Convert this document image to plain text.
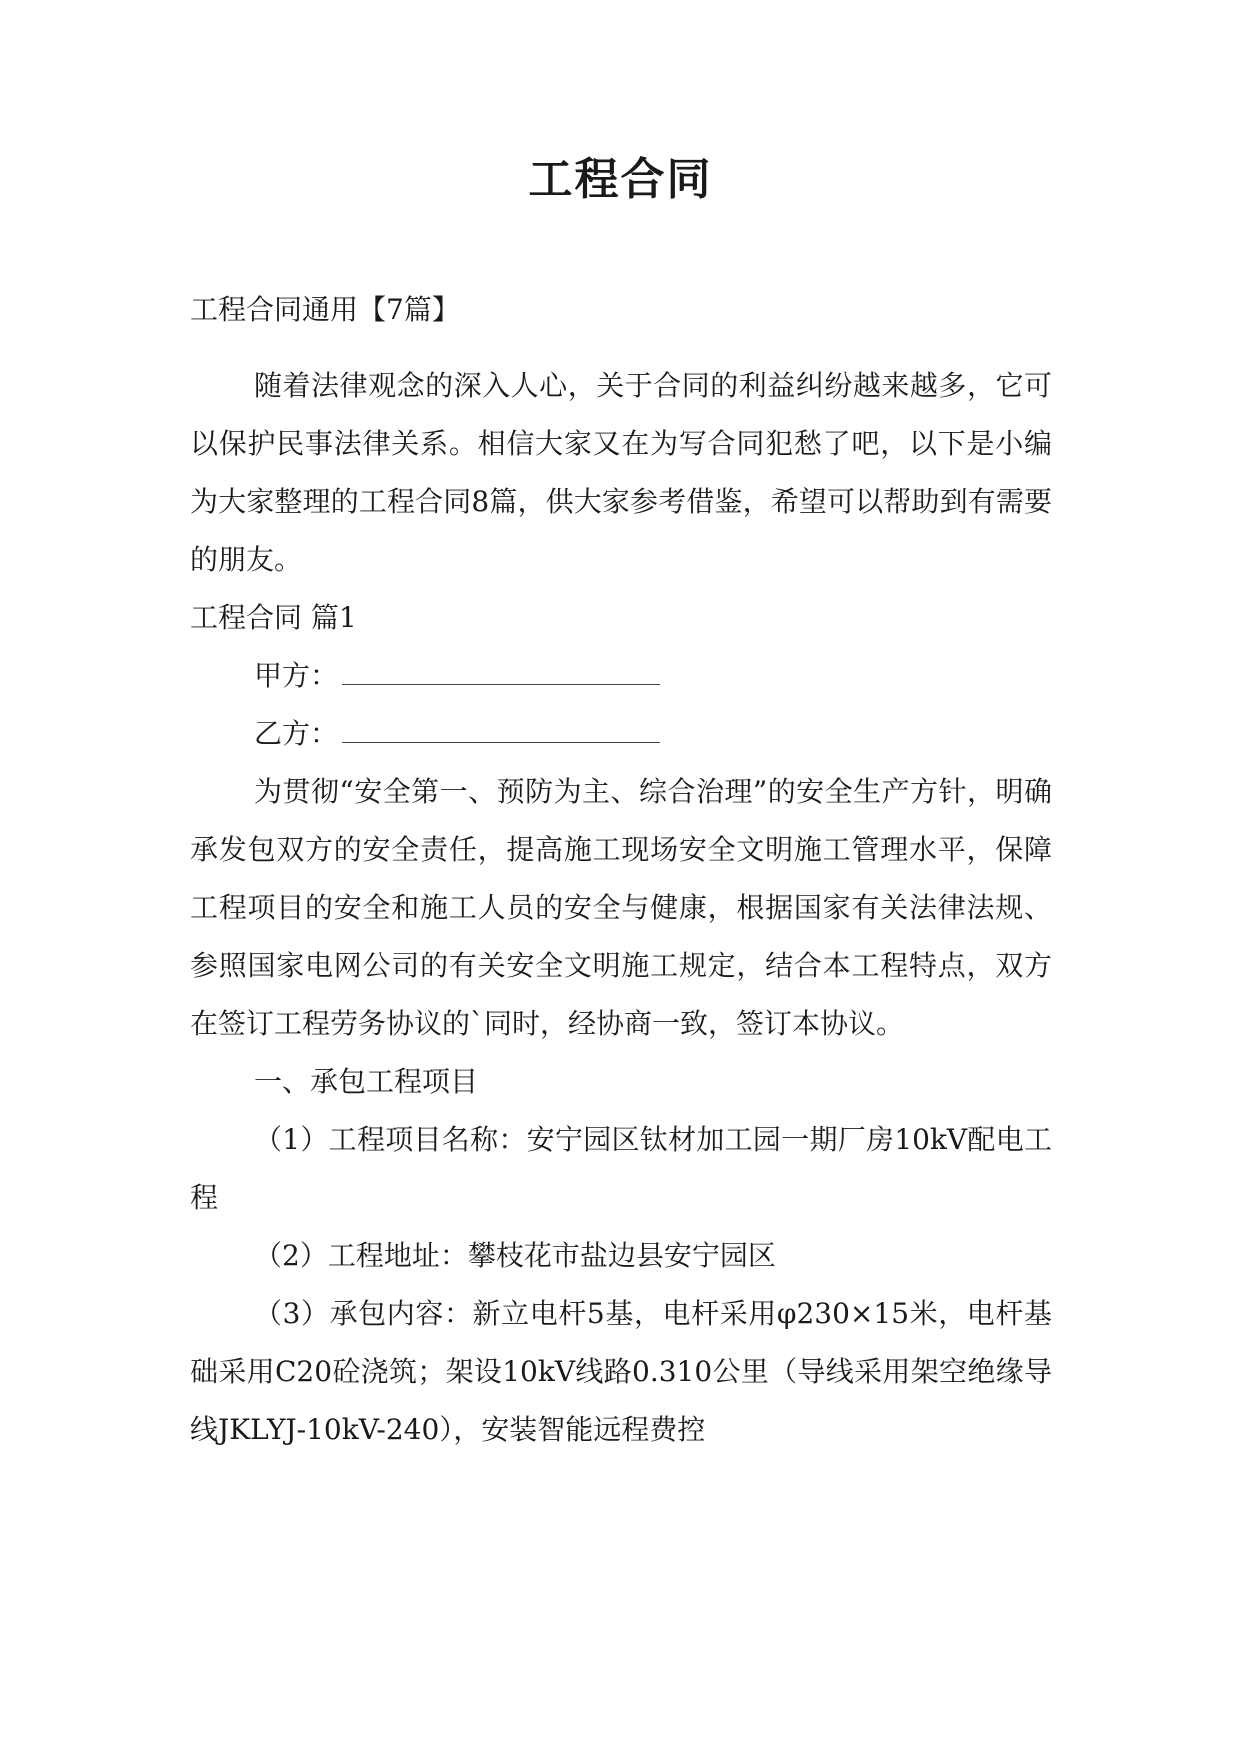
工程合同
工程合同通用【7篇】

随着法律观念的深入人心，关于合同的利益纠纷越来越多，它可以保护民事法律关系。相信大家又在为写合同犯愁了吧，以下是小编为大家整理的工程合同8篇，供大家参考借鉴，希望可以帮助到有需要的朋友。

工程合同 篇1

甲方：

乙方：

为贯彻“安全第一、预防为主、综合治理”的安全生产方针，明确承发包双方的安全责任，提高施工现场安全文明施工管理水平，保障工程项目的安全和施工人员的安全与健康，根据国家有关法律法规、参照国家电网公司的有关安全文明施工规定，结合本工程特点，双方在签订工程劳务协议的`同时，经协商一致，签订本协议。

一、承包工程项目

（1）工程项目名称：安宁园区钛材加工园一期厂房10kV配电工程

（2）工程地址：攀枝花市盐边县安宁园区

（3）承包内容：新立电杆5基，电杆采用φ230×15米，电杆基础采用C20砼浇筑；架设10kV线路0.310公里（导线采用架空绝缘导线JKLYJ-10kV-240），安装智能远程费控
